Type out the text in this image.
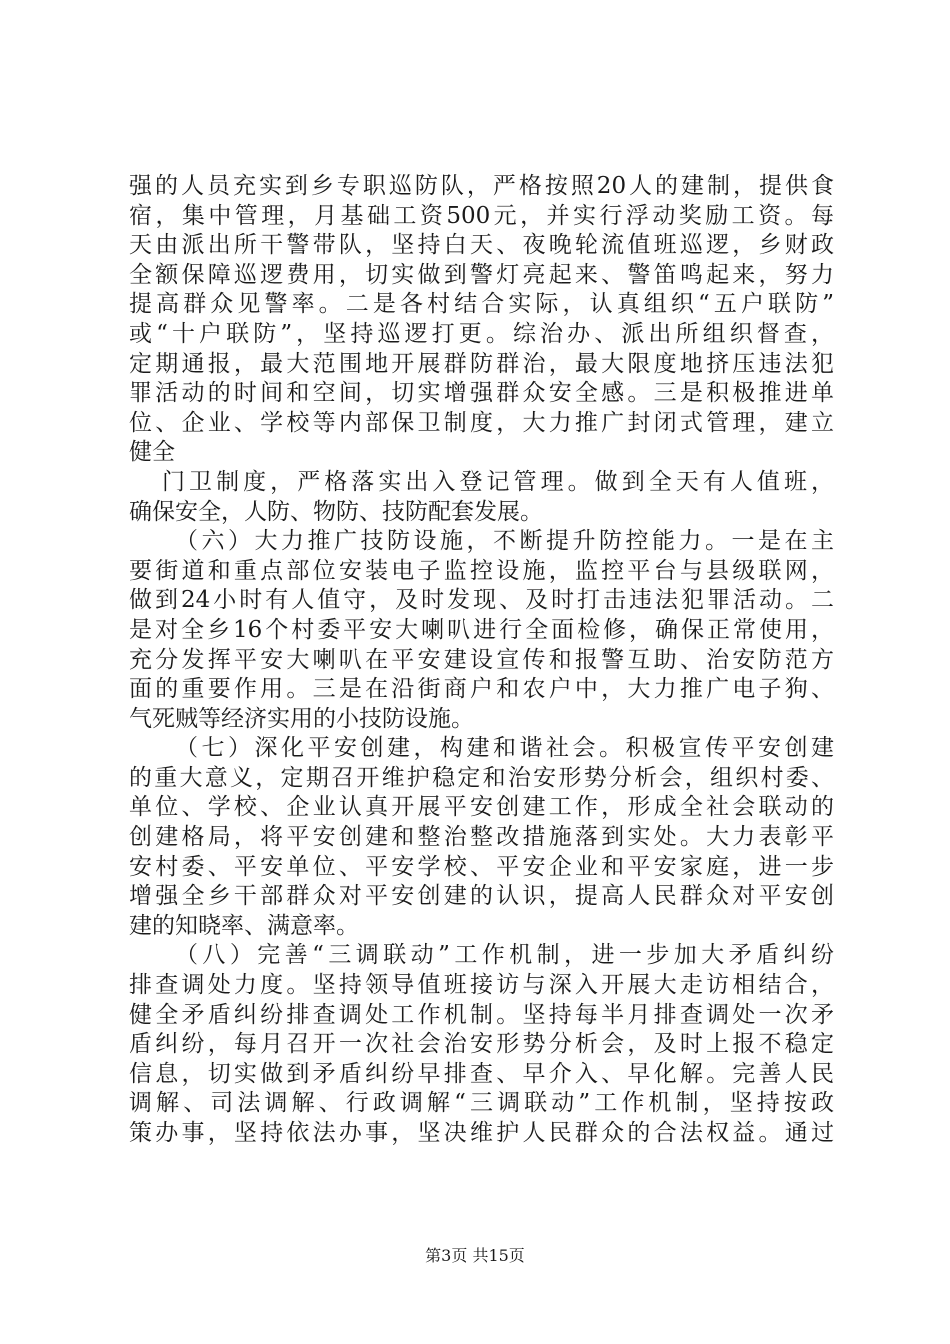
强的人员充实到乡专职巡防队，严格按照20人的建制，提供食
宿，集中管理，月基础工资500元，并实行浮动奖励工资。每
天由派出所干警带队，坚持白天、夜晚轮流值班巡逻，乡财政
全额保障巡逻费用，切实做到警灯亮起来、警笛鸣起来，努力
提高群众见警率。二是各村结合实际，认真组织“五户联防”
或“十户联防”，坚持巡逻打更。综治办、派出所组织督查，
定期通报，最大范围地开展群防群治，最大限度地挤压违法犯
罪活动的时间和空间，切实增强群众安全感。三是积极推进单
位、企业、学校等内部保卫制度，大力推广封闭式管理，建立
健全
门卫制度，严格落实出入登记管理。做到全天有人值班，
确保安全，人防、物防、技防配套发展。
（六）大力推广技防设施，不断提升防控能力。一是在主
要街道和重点部位安装电子监控设施，监控平台与县级联网，
做到24小时有人值守，及时发现、及时打击违法犯罪活动。二
是对全乡16个村委平安大喇叭进行全面检修，确保正常使用，
充分发挥平安大喇叭在平安建设宣传和报警互助、治安防范方
面的重要作用。三是在沿街商户和农户中，大力推广电子狗、
气死贼等经济实用的小技防设施。
（七）深化平安创建，构建和谐社会。积极宣传平安创建
的重大意义，定期召开维护稳定和治安形势分析会，组织村委、
单位、学校、企业认真开展平安创建工作，形成全社会联动的
创建格局，将平安创建和整治整改措施落到实处。大力表彰平
安村委、平安单位、平安学校、平安企业和平安家庭，进一步
增强全乡干部群众对平安创建的认识，提高人民群众对平安创
建的知晓率、满意率。
（八）完善“三调联动”工作机制，进一步加大矛盾纠纷
排查调处力度。坚持领导值班接访与深入开展大走访相结合，
健全矛盾纠纷排查调处工作机制。坚持每半月排查调处一次矛
盾纠纷，每月召开一次社会治安形势分析会，及时上报不稳定
信息，切实做到矛盾纠纷早排查、早介入、早化解。完善人民
调解、司法调解、行政调解“三调联动”工作机制，坚持按政
策办事，坚持依法办事，坚决维护人民群众的合法权益。通过
第3页 共15页
